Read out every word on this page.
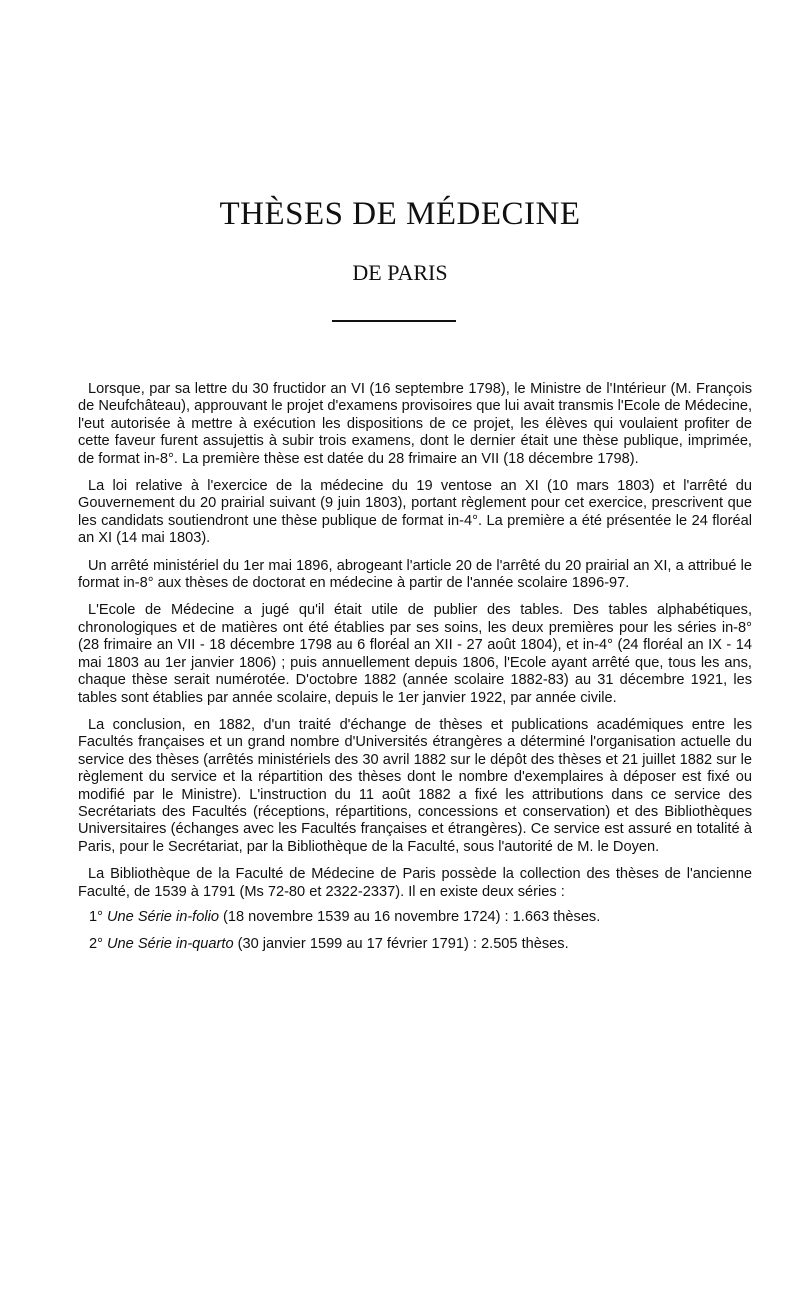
THÈSES DE MÉDECINE
DE PARIS

Lorsque, par sa lettre du 30 fructidor an VI (16 septembre 1798), le Ministre de l'Intérieur (M. François de Neufchâteau), approuvant le projet d'examens provisoires que lui avait transmis l'Ecole de Médecine, l'eut autorisée à mettre à exécution les dispositions de ce projet, les élèves qui voulaient profiter de cette faveur furent assujettis à subir trois examens, dont le dernier était une thèse publique, imprimée, de format in-8°. La première thèse est datée du 28 frimaire an VII (18 décembre 1798).

La loi relative à l'exercice de la médecine du 19 ventose an XI (10 mars 1803) et l'arrêté du Gouvernement du 20 prairial suivant (9 juin 1803), portant règlement pour cet exercice, prescrivent que les candidats soutiendront une thèse publique de format in-4°. La première a été présentée le 24 floréal an XI (14 mai 1803).

Un arrêté ministériel du 1er mai 1896, abrogeant l'article 20 de l'arrêté du 20 prairial an XI, a attribué le format in-8° aux thèses de doctorat en médecine à partir de l'année scolaire 1896-97.

L'Ecole de Médecine a jugé qu'il était utile de publier des tables. Des tables alphabétiques, chronologiques et de matières ont été établies par ses soins, les deux premières pour les séries in-8° (28 frimaire an VII - 18 décembre 1798 au 6 floréal an XII - 27 août 1804), et in-4° (24 floréal an IX - 14 mai 1803 au 1er janvier 1806) ; puis annuellement depuis 1806, l'Ecole ayant arrêté que, tous les ans, chaque thèse serait numérotée. D'octobre 1882 (année scolaire 1882-83) au 31 décembre 1921, les tables sont établies par année scolaire, depuis le 1er janvier 1922, par année civile.

La conclusion, en 1882, d'un traité d'échange de thèses et publications académiques entre les Facultés françaises et un grand nombre d'Universités étrangères a déterminé l'organisation actuelle du service des thèses (arrêtés ministériels des 30 avril 1882 sur le dépôt des thèses et 21 juillet 1882 sur le règlement du service et la répartition des thèses dont le nombre d'exemplaires à déposer est fixé ou modifié par le Ministre). L'instruction du 11 août 1882 a fixé les attributions dans ce service des Secrétariats des Facultés (réceptions, répartitions, concessions et conservation) et des Bibliothèques Universitaires (échanges avec les Facultés françaises et étrangères). Ce service est assuré en totalité à Paris, pour le Secrétariat, par la Bibliothèque de la Faculté, sous l'autorité de M. le Doyen.

La Bibliothèque de la Faculté de Médecine de Paris possède la collection des thèses de l'ancienne Faculté, de 1539 à 1791 (Ms 72-80 et 2322-2337). Il en existe deux séries :

1° Une Série in-folio (18 novembre 1539 au 16 novembre 1724) : 1.663 thèses.
2° Une Série in-quarto (30 janvier 1599 au 17 février 1791) : 2.505 thèses.
